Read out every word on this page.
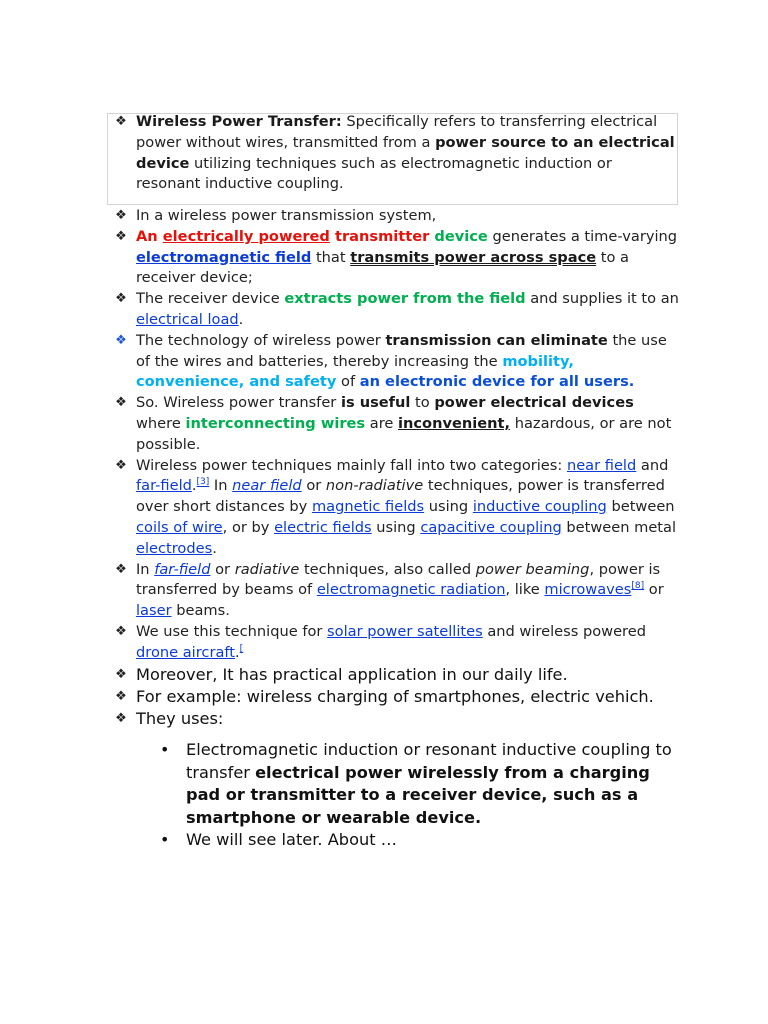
❖ Wireless Power Transfer: Specifically refers to transferring electrical power without wires, transmitted from a power source to an electrical device utilizing techniques such as electromagnetic induction or resonant inductive coupling.
❖ In a wireless power transmission system,
❖ An electrically powered transmitter device generates a time-varying electromagnetic field that transmits power across space to a receiver device;
❖ The receiver device extracts power from the field and supplies it to an electrical load.
❖ The technology of wireless power transmission can eliminate the use of the wires and batteries, thereby increasing the mobility, convenience, and safety of an electronic device for all users.
❖ So. Wireless power transfer is useful to power electrical devices where interconnecting wires are inconvenient, hazardous, or are not possible.
❖ Wireless power techniques mainly fall into two categories: near field and far-field.[3] In near field or non-radiative techniques, power is transferred over short distances by magnetic fields using inductive coupling between coils of wire, or by electric fields using capacitive coupling between metal electrodes.
❖ In far-field or radiative techniques, also called power beaming, power is transferred by beams of electromagnetic radiation, like microwaves[8] or laser beams.
❖ We use this technique for solar power satellites and wireless powered drone aircraft.[
❖ Moreover, It has practical application in our daily life.
❖ For example: wireless charging of smartphones, electric vehich.
❖ They uses:
• Electromagnetic induction or resonant inductive coupling to transfer electrical power wirelessly from a charging pad or transmitter to a receiver device, such as a smartphone or wearable device.
• We will see later. About …
